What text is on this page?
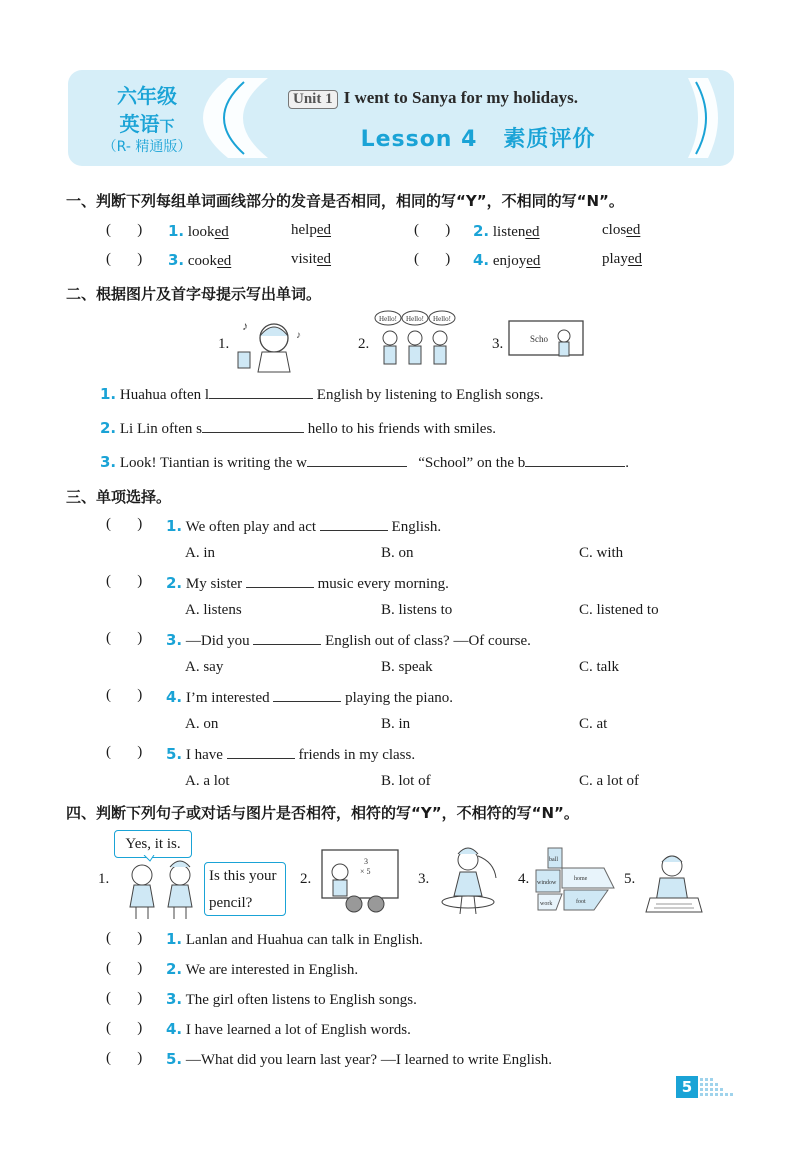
六年级
英语下
（R- 精通版）
Unit 1 I went to Sanya for my holidays.
Lesson 4 素质评价
一、判断下列每组单词画线部分的发音是否相同，相同的写“Y”，不相同的写“N”。
(       ) 1. looked	helped	(       ) 2. listened	closed
(       ) 3. cooked	visited	(       ) 4. enjoyed	played
二、根据图片及首字母提示写出单词。
1.
♪
♪
2.
Hello! Hello! Hello!
3.	Scho
1. Huahua often l	English by listening to English songs.
2. Li Lin often s	hello to his friends with smiles.
3. Look! Tiantian is writing the w	“School” on the b	.
三、单项选择。
(       ) 1. We often play and act	English.
A. in	B. on	C. with
(       ) 2. My sister	music every morning.
A. listens	B. listens to	C. listened to
(       ) 3. —Did you	English out of class? —Of course.
A. say	B. speak	C. talk
(       ) 4. I’m interested	playing the piano.
A. on	B. in	C. at
(       ) 5. I have	friends in my class.
A. a lot	B. lot of	C. a lot of
四、判断下列句子或对话与图片是否相符，相符的写“Y”，不相符的写“N”。
1.
Yes, it is.
Is this your
pencil?
2.
3
× 5	3.	4.
ball
home
window
work	foot
5.
(       ) 1. Lanlan and Huahua can talk in English.
(       ) 2. We are interested in English.
(       ) 3. The girl often listens to English songs.
(       ) 4. I have learned a lot of English words.
(       ) 5. —What did you learn last year? —I learned to write English.
5
